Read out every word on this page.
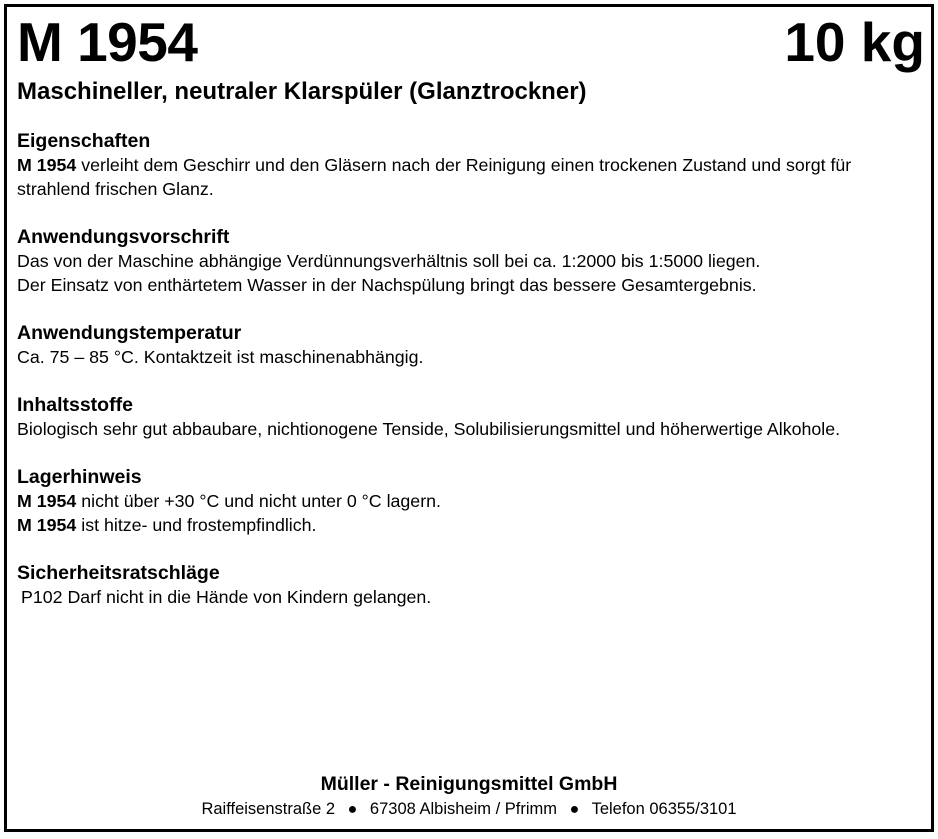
M 1954	10 kg
Maschineller, neutraler Klarspüler (Glanztrockner)
Eigenschaften

M 1954 verleiht dem Geschirr und den Gläsern nach der Reinigung einen trockenen Zustand und sorgt für strahlend frischen Glanz.

Anwendungsvorschrift

Das von der Maschine abhängige Verdünnungsverhältnis soll bei ca. 1:2000 bis 1:5000 liegen.

Der Einsatz von enthärtetem Wasser in der Nachspülung bringt das bessere Gesamtergebnis.

Anwendungstemperatur

Ca. 75 – 85 °C. Kontaktzeit ist maschinenabhängig.

Inhaltsstoffe

Biologisch sehr gut abbaubare, nichtionogene Tenside, Solubilisierungsmittel und höherwertige Alkohole.

Lagerhinweis

M 1954 nicht über +30 °C und nicht unter 0 °C lagern.

M 1954 ist hitze- und frostempfindlich.

Sicherheitsratschläge

P102 Darf nicht in die Hände von Kindern gelangen.

Müller - Reinigungsmittel GmbH
Raiffeisenstraße 2 ● 67308 Albisheim / Pfrimm ● Telefon 06355/3101
